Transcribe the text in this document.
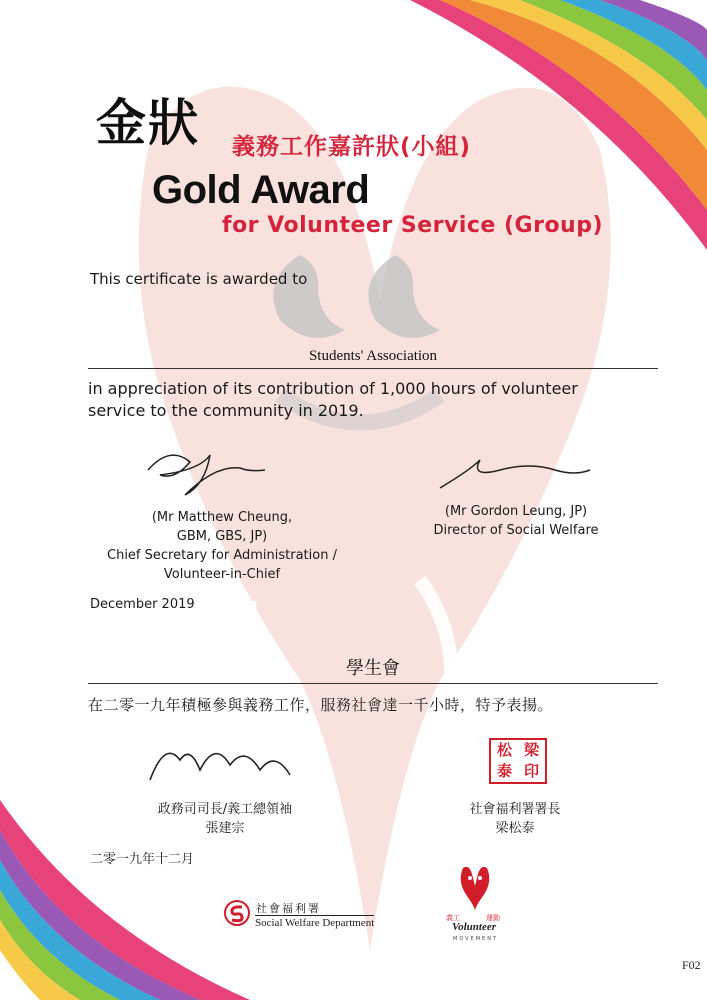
金狀 義務工作嘉許狀(小組)
Gold Award
for Volunteer Service (Group)
This certificate is awarded to
Students' Association
in appreciation of its contribution of 1,000 hours of volunteer
service to the community in 2019.
(Mr Matthew Cheung,
GBM, GBS, JP)
Chief Secretary for Administration /
Volunteer-in-Chief
(Mr Gordon Leung, JP)
Director of Social Welfare
December 2019
學生會
在二零一九年積極參與義務工作，服務社會達一千小時，特予表揚。
松 梁
泰 印
政務司司長/義工總領袖
張建宗
社會福利署署長
梁松泰
二零一九年十二月
社會福利署
Social Welfare Department	義工	運動
Volunteer
MOVEMENT
F02
